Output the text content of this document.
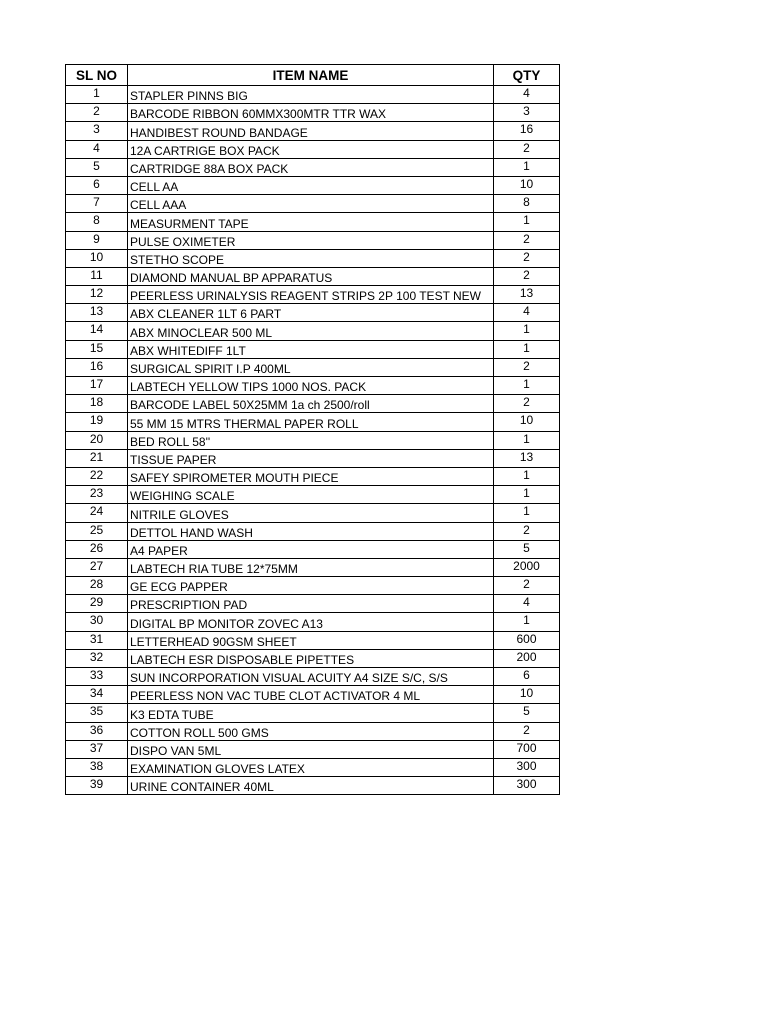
SL NO	ITEM NAME	QTY
1	STAPLER PINNS BIG	4
2	BARCODE RIBBON 60MMX300MTR TTR WAX	3
3	HANDIBEST ROUND BANDAGE	16
4	12A CARTRIGE BOX PACK	2
5	CARTRIDGE 88A BOX PACK	1
6	CELL AA	10
7	CELL AAA	8
8	MEASURMENT TAPE	1
9	PULSE OXIMETER	2
10	STETHO SCOPE	2
11	DIAMOND MANUAL BP APPARATUS	2
12	PEERLESS URINALYSIS REAGENT STRIPS 2P 100 TEST NEW	13
13	ABX CLEANER 1LT 6 PART	4
14	ABX MINOCLEAR 500 ML	1
15	ABX WHITEDIFF 1LT	1
16	SURGICAL SPIRIT I.P 400ML	2
17	LABTECH YELLOW TIPS 1000 NOS. PACK	1
18	BARCODE LABEL 50X25MM 1a ch 2500/roll	2
19	55 MM 15 MTRS THERMAL PAPER ROLL	10
20	BED ROLL 58''	1
21	TISSUE PAPER	13
22	SAFEY SPIROMETER MOUTH PIECE	1
23	WEIGHING SCALE	1
24	NITRILE GLOVES	1
25	DETTOL HAND WASH	2
26	A4 PAPER	5
27	LABTECH RIA TUBE 12*75MM	2000
28	GE ECG PAPPER	2
29	PRESCRIPTION PAD	4
30	DIGITAL BP MONITOR ZOVEC A13	1
31	LETTERHEAD 90GSM SHEET	600
32	LABTECH ESR DISPOSABLE PIPETTES	200
33	SUN INCORPORATION VISUAL ACUITY A4 SIZE S/C, S/S	6
34	PEERLESS NON VAC TUBE CLOT ACTIVATOR 4 ML	10
35	K3 EDTA TUBE	5
36	COTTON ROLL 500 GMS	2
37	DISPO VAN 5ML	700
38	EXAMINATION GLOVES LATEX	300
39	URINE CONTAINER 40ML	300
